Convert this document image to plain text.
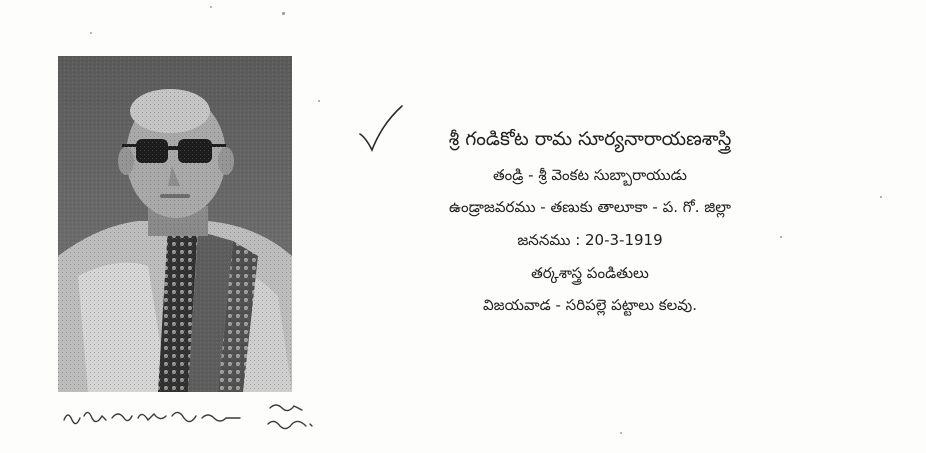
శ్రీ గండికోట రామ సూర్యనారాయణశాస్త్రి
తండ్రి - శ్రీ వెంకట సుబ్బారాయుడు
ఉండ్రాజవరము - తణుకు తాలూకా - ప. గో. జిల్లా
జననము : 20-3-1919
తర్కశాస్త్ర పండితులు
విజయవాడ - సరిపల్లె పట్టాలు కలవు.
